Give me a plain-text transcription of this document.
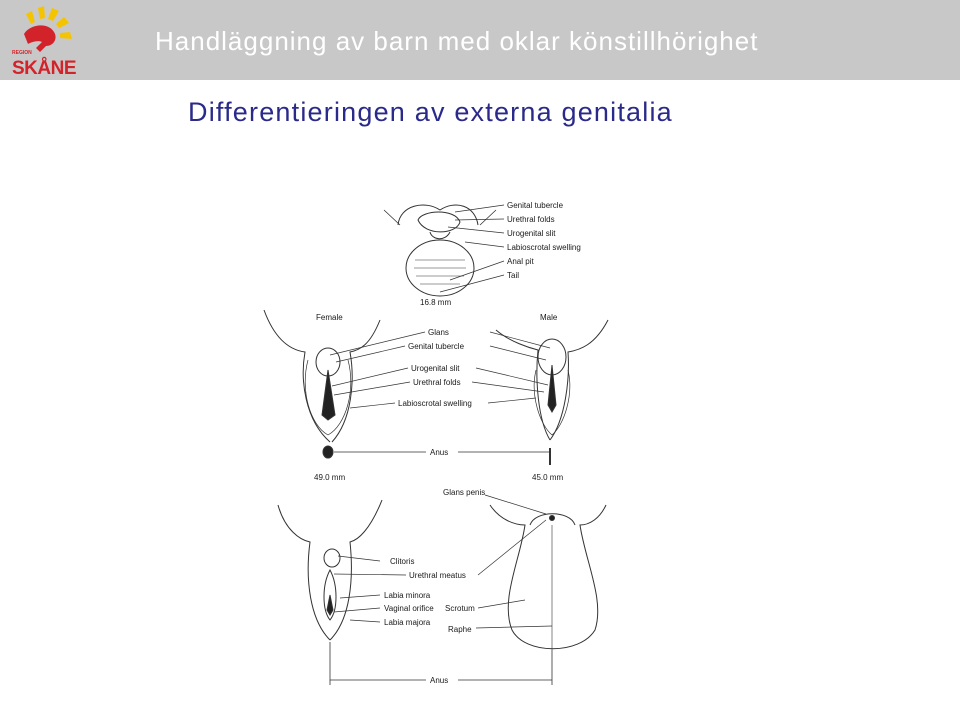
REGION
SKÅNE
Handläggning av barn med oklar könstillhörighet
Differentieringen av externa genitalia
Genital tubercle
Urethral folds
Urogenital slit
Labioscrotal swelling
Anal pit
Tail
16.8 mm
Female	Male
Glans
Genital tubercle
Urogenital slit
Urethral folds
Labioscrotal swelling
Anus
49.0 mm	45.0 mm
Glans penis
Clitoris
Urethral meatus
Labia minora
Vaginal orifice Scrotum
Labia majora
Raphe
Anus
